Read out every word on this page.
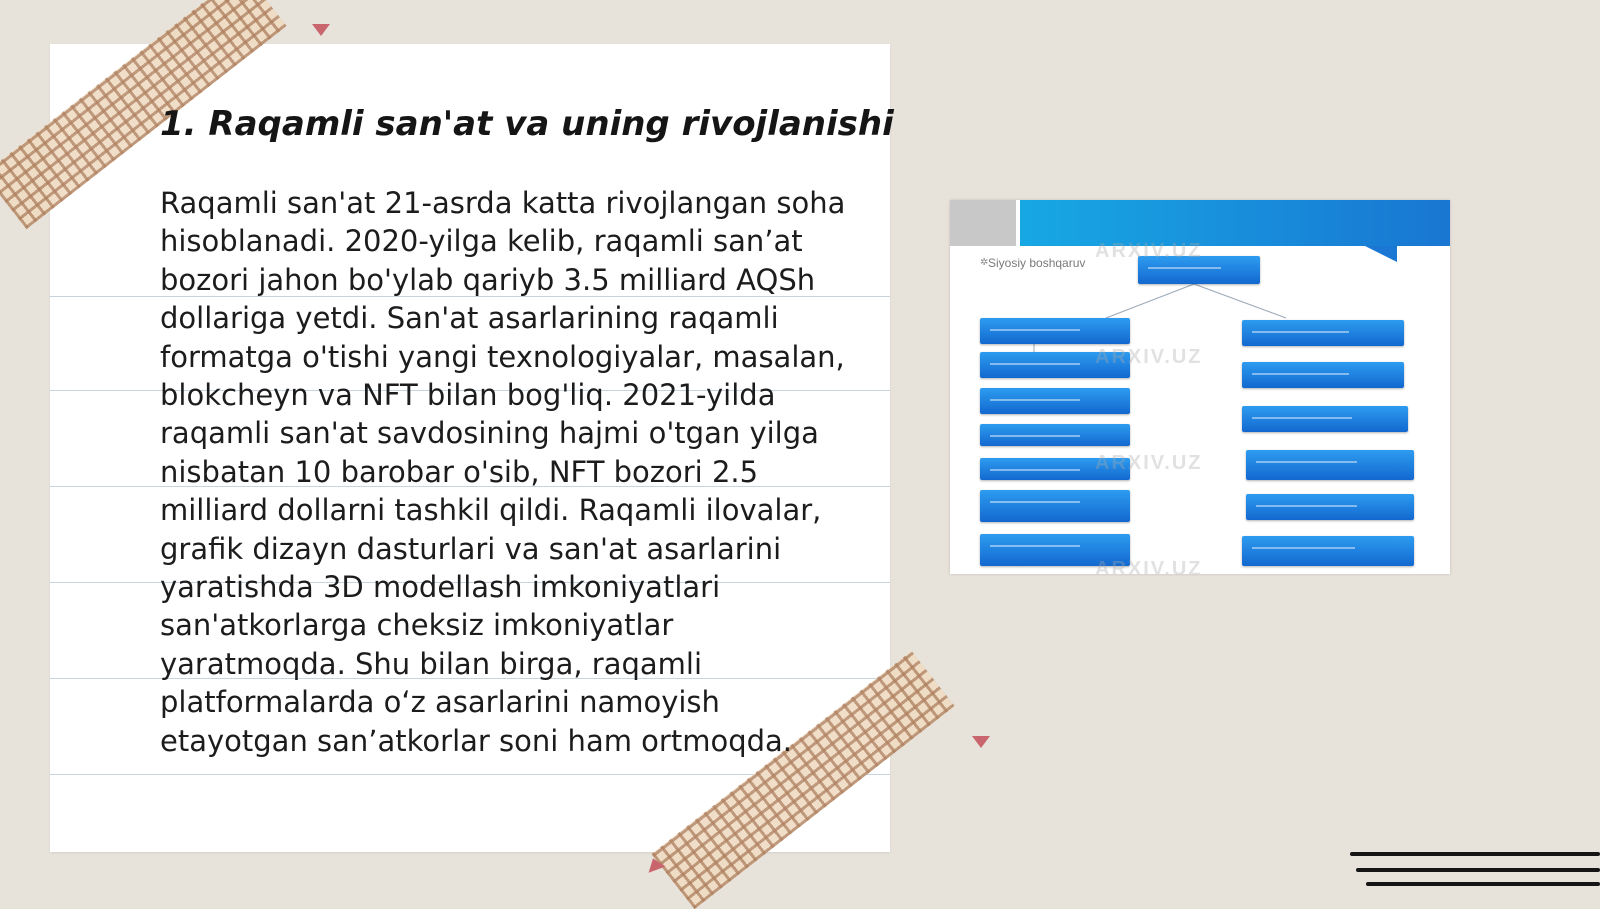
1. Raqamli san'at va uning rivojlanishi

Raqamli san'at 21-asrda katta rivojlangan soha hisoblanadi. 2020-yilga kelib, raqamli san’at bozori jahon bo'ylab qariyb 3.5 milliard AQSh dollariga yetdi. San'at asarlarining raqamli formatga o'tishi yangi texnologiyalar, masalan, blokcheyn va NFT bilan bog'liq. 2021-yilda raqamli san'at savdosining hajmi o'tgan yilga nisbatan 10 barobar o'sib, NFT bozori 2.5 milliard dollarni tashkil qildi. Raqamli ilovalar, grafik dizayn dasturlari va san'at asarlarini yaratishda 3D modellash imkoniyatlari san'atkorlarga cheksiz imkoniyatlar yaratmoqda. Shu bilan birga, raqamli platformalarda o‘z asarlarini namoyish etayotgan san’atkorlar soni ham ortmoqda.

✲ Siyosiy boshqaruv
ARXIV.UZ
ARXIV.UZ
ARXIV.UZ
ARXIV.UZ
